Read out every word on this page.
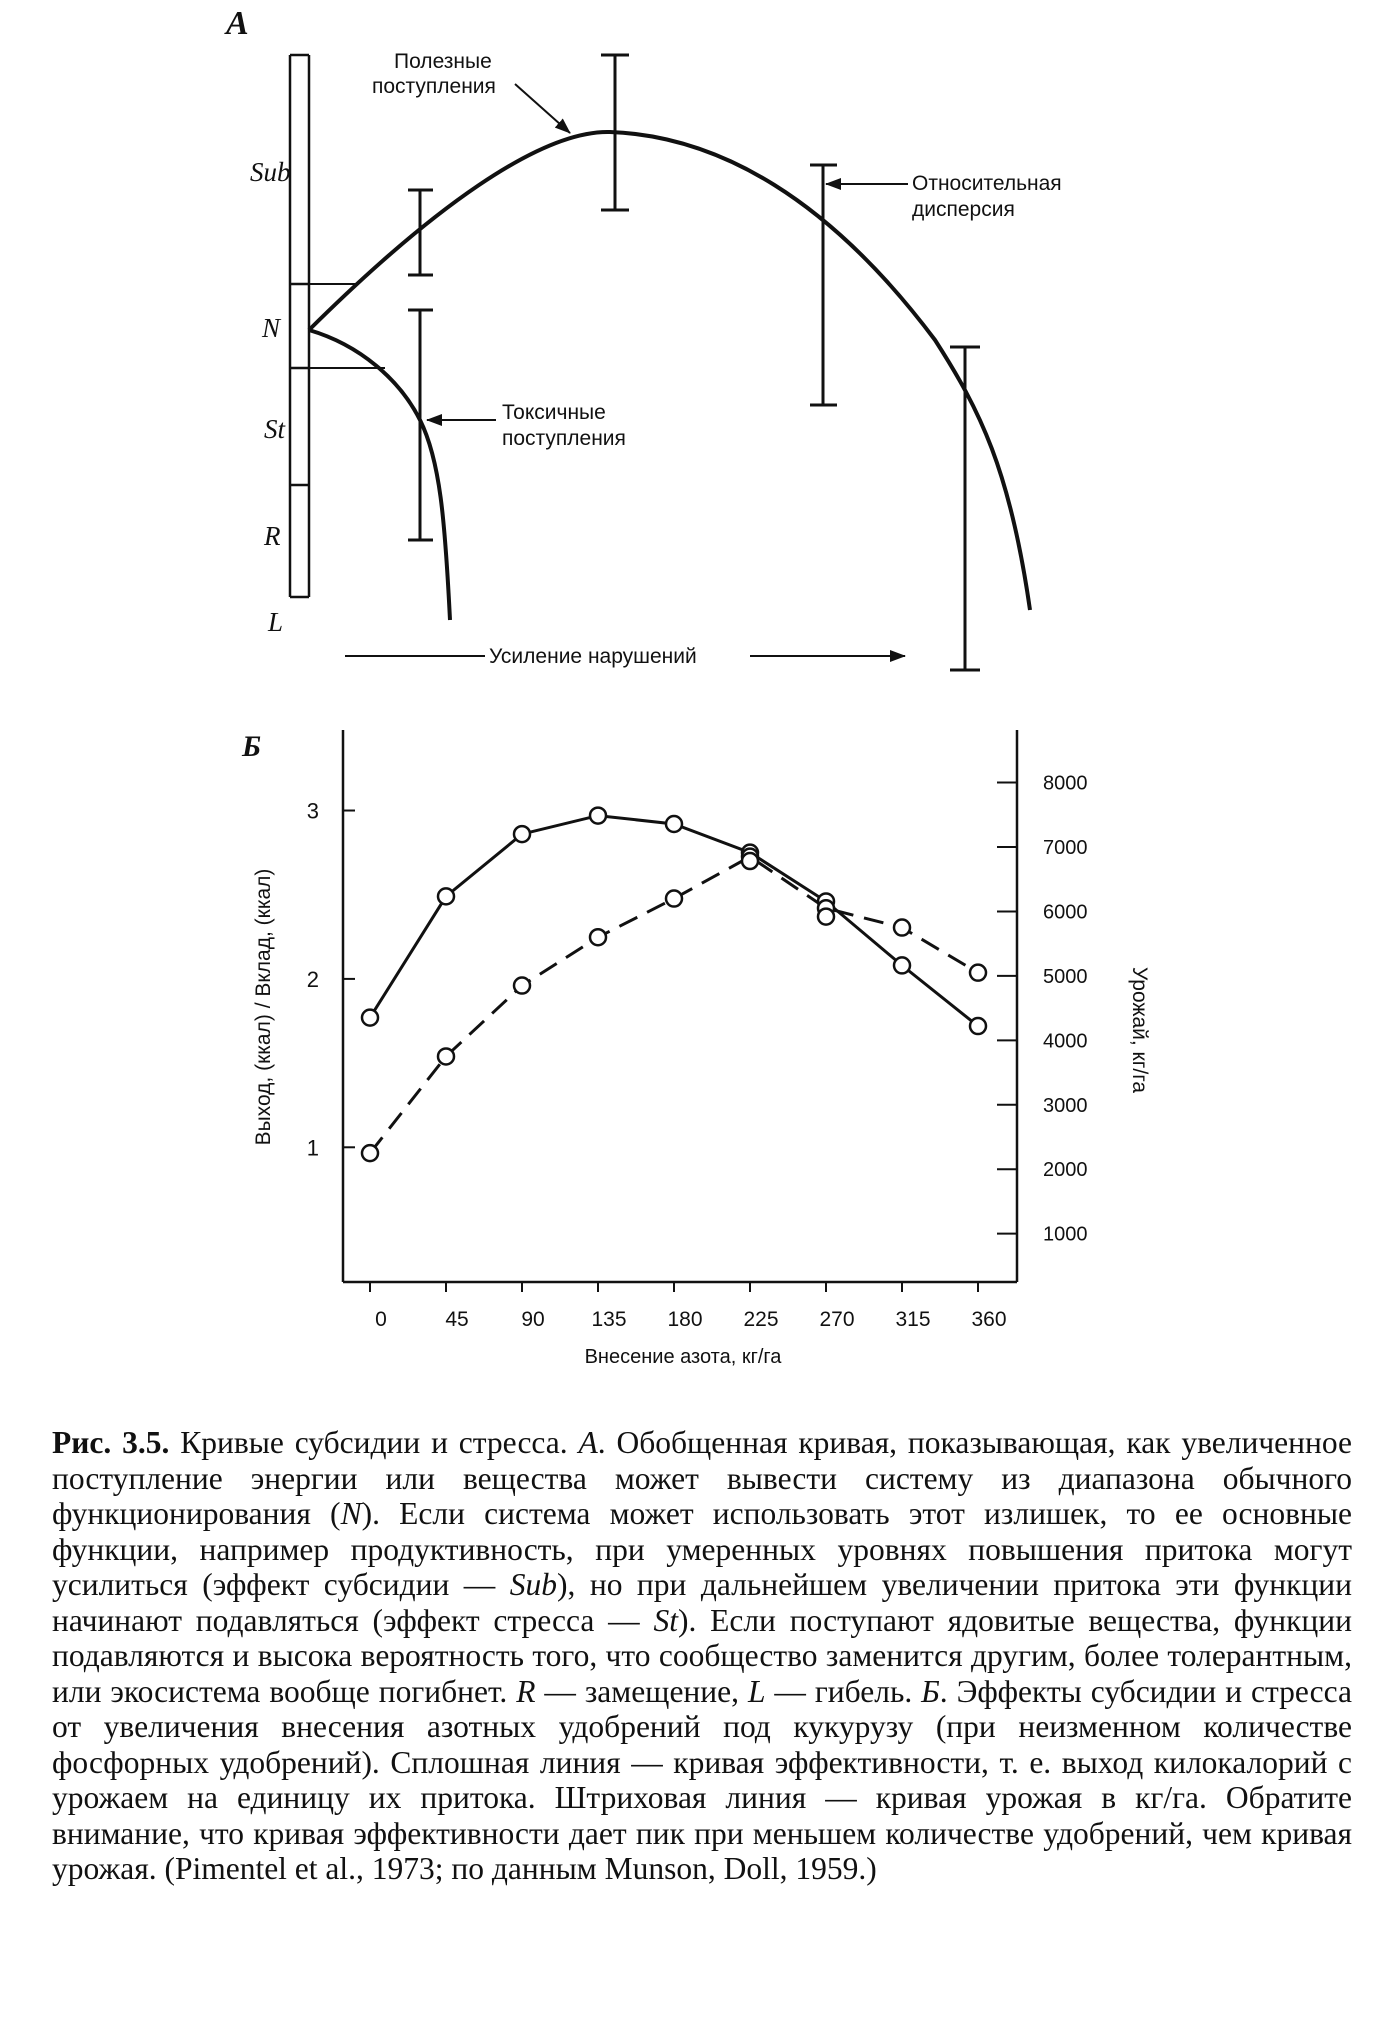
А
Sub
N
St
R
L
Полезные
поступления
Относительная
дисперсия
Токсичные
поступления
Усиление нарушений
Б
0	45	90 135 180 225 270 315 360
1
2
3
1000
2000
3000
4000
5000
6000
7000
8000
Внесение азота, кг/га
Выход, (ккал) / Вклад, (ккал)	Урожай, кг/га

Рис. 3.5. Кривые субсидии и стресса. А. Обобщенная кривая, показывающая, как увеличенное поступление энергии или вещества может вывести систему из диапазона обычного функционирования (N). Если система может использовать этот излишек, то ее основные функции, например продуктивность, при умеренных уровнях повышения притока могут усилиться (эффект субсидии — Sub), но при дальнейшем увеличении притока эти функции начинают подавляться (эффект стресса — St). Если поступают ядовитые вещества, функции подавляются и высока вероятность того, что сообщество заменится другим, более толерантным, или экосистема вообще погибнет. R — замещение, L — гибель. Б. Эффекты субсидии и стресса от увеличения внесения азотных удобрений под кукурузу (при неизменном количестве фосфорных удобрений). Сплошная линия — кривая эффективности, т. е. выход килокалорий с урожаем на единицу их притока. Штриховая линия — кривая урожая в кг/га. Обратите внимание, что кривая эффективности дает пик при меньшем количестве удобрений, чем кривая урожая. (Pimentel et al., 1973; по данным Munson, Doll, 1959.)
